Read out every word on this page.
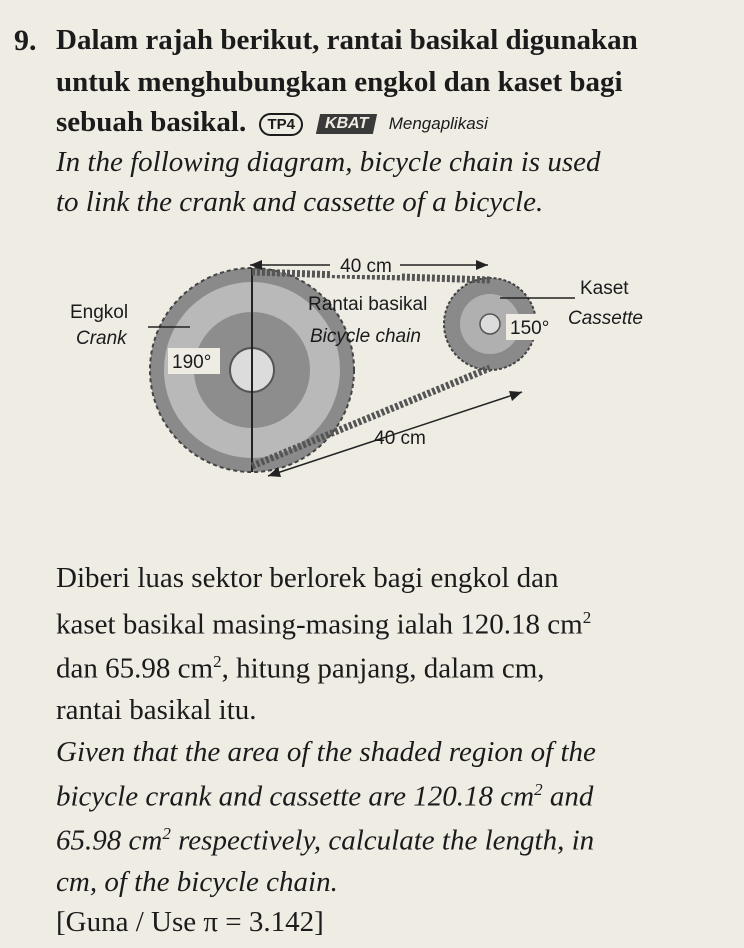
9. Dalam rajah berikut, rantai basikal digunakan
untuk menghubungkan engkol dan kaset bagi
sebuah basikal. TP4 KBAT Mengaplikasi
In the following diagram, bicycle chain is used
to link the crank and cassette of a bicycle.
40 cm
40 cm
Engkol
Crank
Kaset
Cassette
Rantai basikal
Bicycle chain
190°
150°
Diberi luas sektor berlorek bagi engkol dan
kaset basikal masing-masing ialah 120.18 $cm^2$
dan 65.98 $cm^2$, hitung panjang, dalam cm,
rantai basikal itu.
Given that the area of the shaded region of the
bicycle crank and cassette are 120.18 $cm^2$ and
65.98 $cm^2$ respectively, calculate the length, in
cm, of the bicycle chain.
[Guna / Use π = 3.142]
